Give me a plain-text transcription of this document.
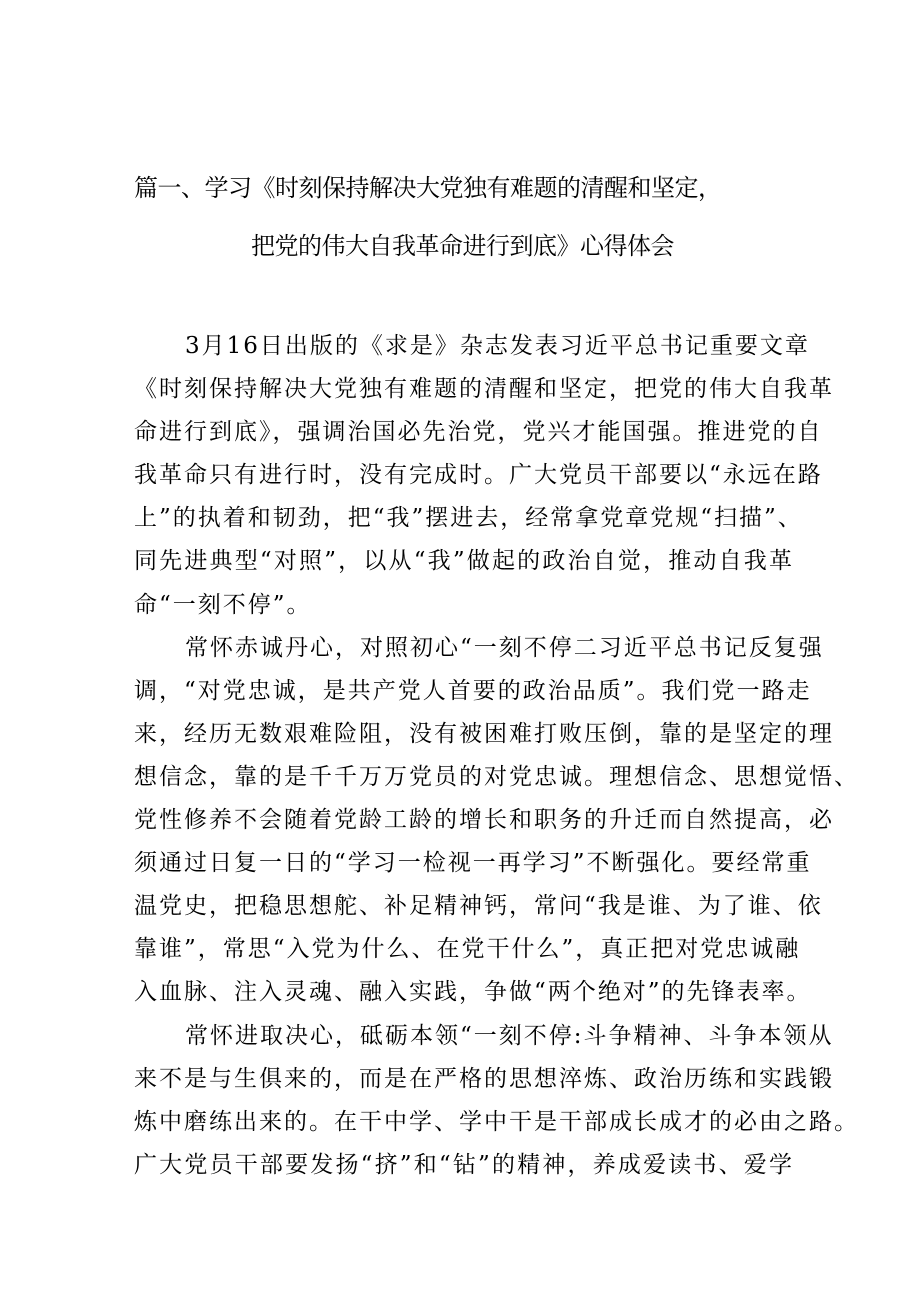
篇一、学习《时刻保持解决大党独有难题的清醒和坚定，
把党的伟大自我革命进行到底》心得体会
3月16日出版的《求是》杂志发表习近平总书记重要文章
《时刻保持解决大党独有难题的清醒和坚定，把党的伟大自我革
命进行到底》，强调治国必先治党，党兴才能国强。推进党的自
我革命只有进行时，没有完成时。广大党员干部要以“永远在路
上”的执着和韧劲，把“我”摆进去，经常拿党章党规“扫描”、
同先进典型“对照”，以从“我”做起的政治自觉，推动自我革
命“一刻不停”。
常怀赤诚丹心，对照初心“一刻不停二习近平总书记反复强
调，“对党忠诚，是共产党人首要的政治品质”。我们党一路走
来，经历无数艰难险阻，没有被困难打败压倒，靠的是坚定的理
想信念，靠的是千千万万党员的对党忠诚。理想信念、思想觉悟、
党性修养不会随着党龄工龄的增长和职务的升迁而自然提高，必
须通过日复一日的“学习一检视一再学习”不断强化。要经常重
温党史，把稳思想舵、补足精神钙，常问“我是谁、为了谁、依
靠谁”，常思“入党为什么、在党干什么”，真正把对党忠诚融
入血脉、注入灵魂、融入实践，争做“两个绝对”的先锋表率。
常怀进取决心，砥砺本领“一刻不停:斗争精神、斗争本领从
来不是与生俱来的，而是在严格的思想淬炼、政治历练和实践锻
炼中磨练出来的。在干中学、学中干是干部成长成才的必由之路。
广大党员干部要发扬“挤”和“钻”的精神，养成爱读书、爱学
